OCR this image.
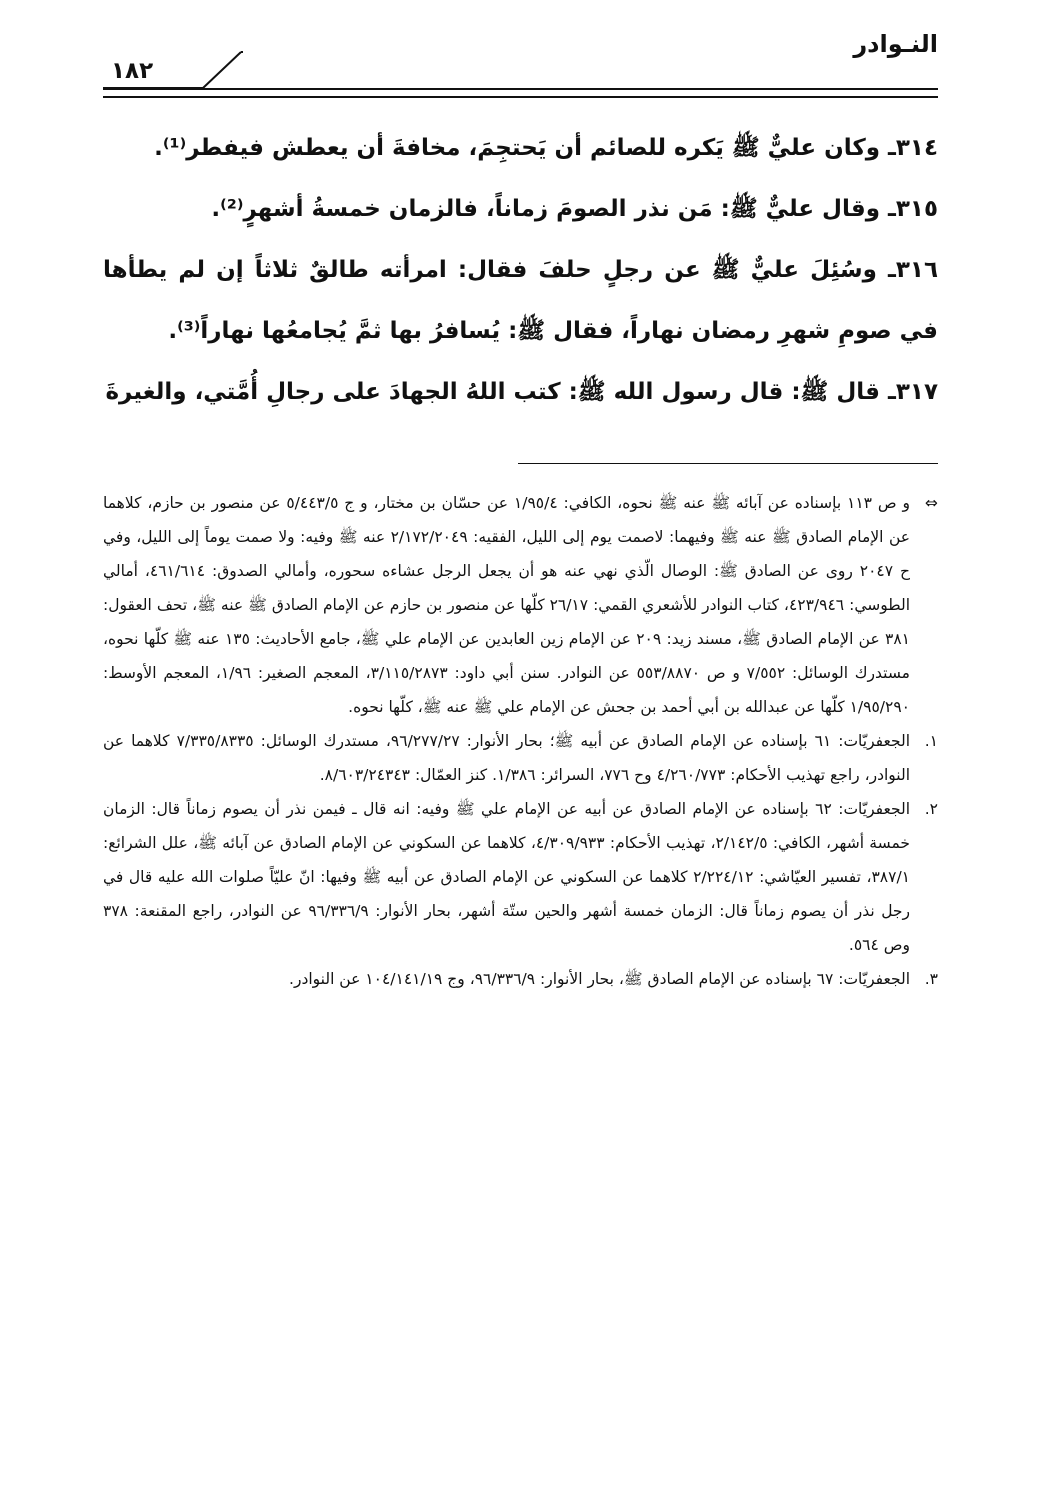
النـوادر
١٨٢

٣١٤ـ وكان عليٌّ ﷺ يَكره للصائم أن يَحتجِمَ، مخافةَ أن يعطش فيفطر⁽¹⁾.

٣١٥ـ وقال عليٌّ ﷺ: مَن نذر الصومَ زماناً، فالزمان خمسةُ أشهرٍ⁽²⁾.

٣١٦ـ وسُئِلَ عليٌّ ﷺ عن رجلٍ حلفَ فقال: امرأته طالقٌ ثلاثاً إن لم يطأها في صومِ شهرِ رمضان نهاراً، فقال ﷺ: يُسافرُ بها ثمَّ يُجامعُها نهاراً⁽³⁾.

٣١٧ـ قال ﷺ: قال رسول الله ﷺ: كتب اللهُ الجهادَ على رجالِ أُمَّتي، والغيرةَ

⇔
و ص ١١٣ بإسناده عن آبائه ﷺ عنه ﷺ نحوه، الكافي: ١/٩٥/٤ عن حسّان بن مختار، و ج ٥/٤٤٣/٥ عن منصور بن حازم، كلاهما عن الإمام الصادق ﷺ عنه ﷺ وفيهما: لاصمت يوم إلى الليل، الفقيه: ٢/١٧٢/٢٠٤٩ عنه ﷺ وفيه: ولا صمت يوماً إلى الليل، وفي ح ٢٠٤٧ روى عن الصادق ﷺ: الوصال الّذي نهي عنه هو أن يجعل الرجل عشاءه سحوره، وأمالي الصدوق: ٤٦١/٦١٤، أمالي الطوسي: ٤٢٣/٩٤٦، كتاب النوادر للأشعري القمي: ٢٦/١٧ كلّها عن منصور بن حازم عن الإمام الصادق ﷺ عنه ﷺ، تحف العقول: ٣٨١ عن الإمام الصادق ﷺ، مسند زيد: ٢٠٩ عن الإمام زين العابدين عن الإمام علي ﷺ، جامع الأحاديث: ١٣٥ عنه ﷺ كلّها نحوه، مستدرك الوسائل: ٧/٥٥٢ و ص ٥٥٣/٨٨٧٠ عن النوادر. سنن أبي داود: ٣/١١٥/٢٨٧٣، المعجم الصغير: ١/٩٦، المعجم الأوسط: ١/٩٥/٢٩٠ كلّها عن عبدالله بن أبي أحمد بن جحش عن الإمام علي ﷺ عنه ﷺ، كلّها نحوه.

١.
الجعفريّات: ٦١ بإسناده عن الإمام الصادق عن أبيه ﷺ؛ بحار الأنوار: ٩٦/٢٧٧/٢٧، مستدرك الوسائل: ٧/٣٣٥/٨٣٣٥ كلاهما عن النوادر، راجع تهذيب الأحكام: ٤/٢٦٠/٧٧٣ وح ٧٧٦، السرائر: ١/٣٨٦. كنز العمّال: ٨/٦٠٣/٢٤٣٤٣.

٢.
الجعفريّات: ٦٢ بإسناده عن الإمام الصادق عن أبيه عن الإمام علي ﷺ وفيه: انه قال ـ فيمن نذر أن يصوم زماناً قال: الزمان خمسة أشهر، الكافي: ٢/١٤٢/٥، تهذيب الأحكام: ٤/٣٠٩/٩٣٣، كلاهما عن السكوني عن الإمام الصادق عن آبائه ﷺ، علل الشرائع: ٣٨٧/١، تفسير العيّاشي: ٢/٢٢٤/١٢ كلاهما عن السكوني عن الإمام الصادق عن أبيه ﷺ وفيها: انّ عليّاً صلوات الله عليه قال في رجل نذر أن يصوم زماناً قال: الزمان خمسة أشهر والحين ستّة أشهر، بحار الأنوار: ٩٦/٣٣٦/٩ عن النوادر، راجع المقنعة: ٣٧٨ وص ٥٦٤.

٣.
الجعفريّات: ٦٧ بإسناده عن الإمام الصادق ﷺ، بحار الأنوار: ٩٦/٣٣٦/٩، وج ١٠٤/١٤١/١٩ عن النوادر.
